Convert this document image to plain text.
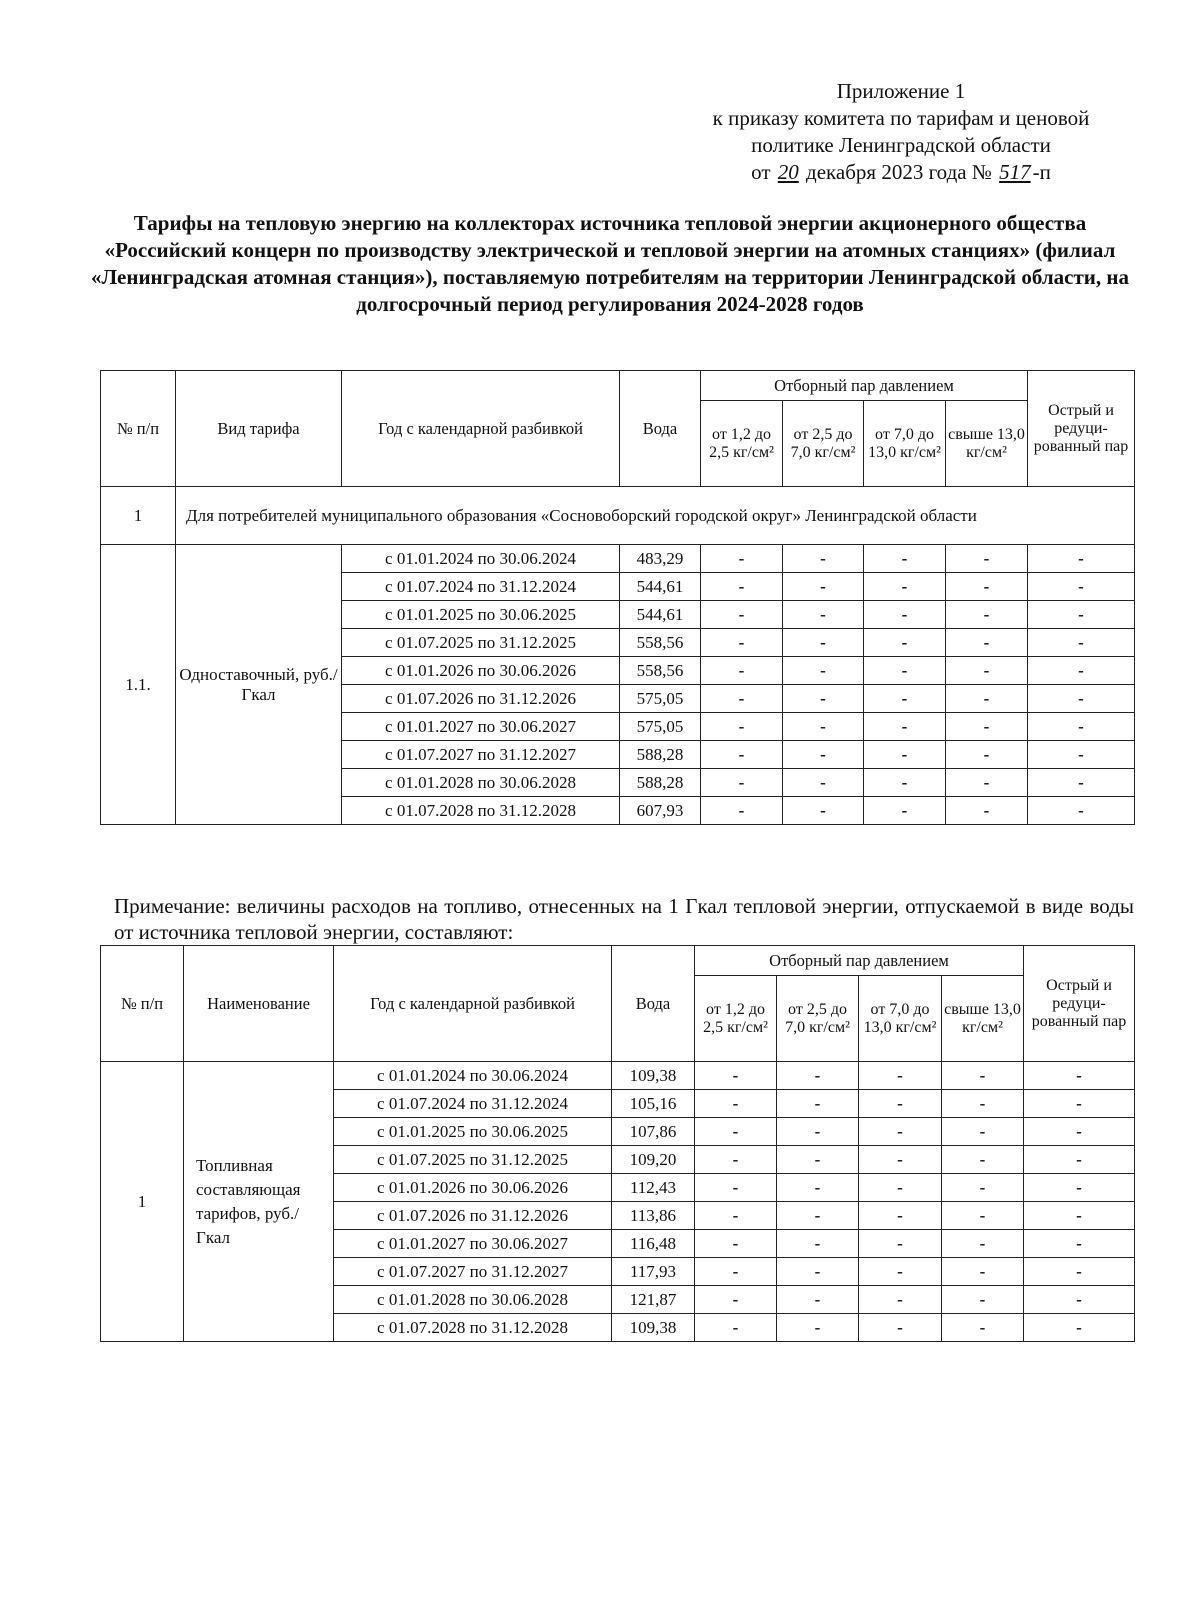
Приложение 1
к приказу комитета по тарифам и ценовой
политике Ленинградской области
от 20 декабря 2023 года № 517-п
Тарифы на тепловую энергию на коллекторах источника тепловой энергии акционерного общества «Российский концерн по производству электрической и тепловой энергии на атомных станциях» (филиал «Ленинградская атомная станция»), поставляемую потребителям на территории Ленинградской области, на долгосрочный период регулирования 2024-2028 годов
№ п/п	Вид тарифа	Год с календарной разбивкой	Вода	Отборный пар давлением				Острый и редуци-рованный пар
				от 1,2 до 2,5 кг/см²	от 2,5 до 7,0 кг/см²	от 7,0 до 13,0 кг/см²	свыше 13,0 кг/см²	
1	Для потребителей муниципального образования «Сосновоборский городской округ» Ленинградской области							
1.1.	Одноставочный, руб./Гкал	с 01.01.2024 по 30.06.2024	483,29	-	-	-	-	-
		с 01.07.2024 по 31.12.2024	544,61	-	-	-	-	-
		с 01.01.2025 по 30.06.2025	544,61	-	-	-	-	-
		с 01.07.2025 по 31.12.2025	558,56	-	-	-	-	-
		с 01.01.2026 по 30.06.2026	558,56	-	-	-	-	-
		с 01.07.2026 по 31.12.2026	575,05	-	-	-	-	-
		с 01.01.2027 по 30.06.2027	575,05	-	-	-	-	-
		с 01.07.2027 по 31.12.2027	588,28	-	-	-	-	-
		с 01.01.2028 по 30.06.2028	588,28	-	-	-	-	-
		с 01.07.2028 по 31.12.2028	607,93	-	-	-	-	-
Примечание: величины расходов на топливо, отнесенных на 1 Гкал тепловой энергии, отпускаемой в виде воды от источника тепловой энергии, составляют:
№ п/п	Наименование	Год с календарной разбивкой	Вода	Отборный пар давлением				Острый и редуци-рованный пар
				от 1,2 до 2,5 кг/см²	от 2,5 до 7,0 кг/см²	от 7,0 до 13,0 кг/см²	свыше 13,0 кг/см²	
1	Топливная составляющая тарифов, руб./Гкал	с 01.01.2024 по 30.06.2024	109,38	-	-	-	-	-
		с 01.07.2024 по 31.12.2024	105,16	-	-	-	-	-
		с 01.01.2025 по 30.06.2025	107,86	-	-	-	-	-
		с 01.07.2025 по 31.12.2025	109,20	-	-	-	-	-
		с 01.01.2026 по 30.06.2026	112,43	-	-	-	-	-
		с 01.07.2026 по 31.12.2026	113,86	-	-	-	-	-
		с 01.01.2027 по 30.06.2027	116,48	-	-	-	-	-
		с 01.07.2027 по 31.12.2027	117,93	-	-	-	-	-
		с 01.01.2028 по 30.06.2028	121,87	-	-	-	-	-
		с 01.07.2028 по 31.12.2028	109,38	-	-	-	-	-
